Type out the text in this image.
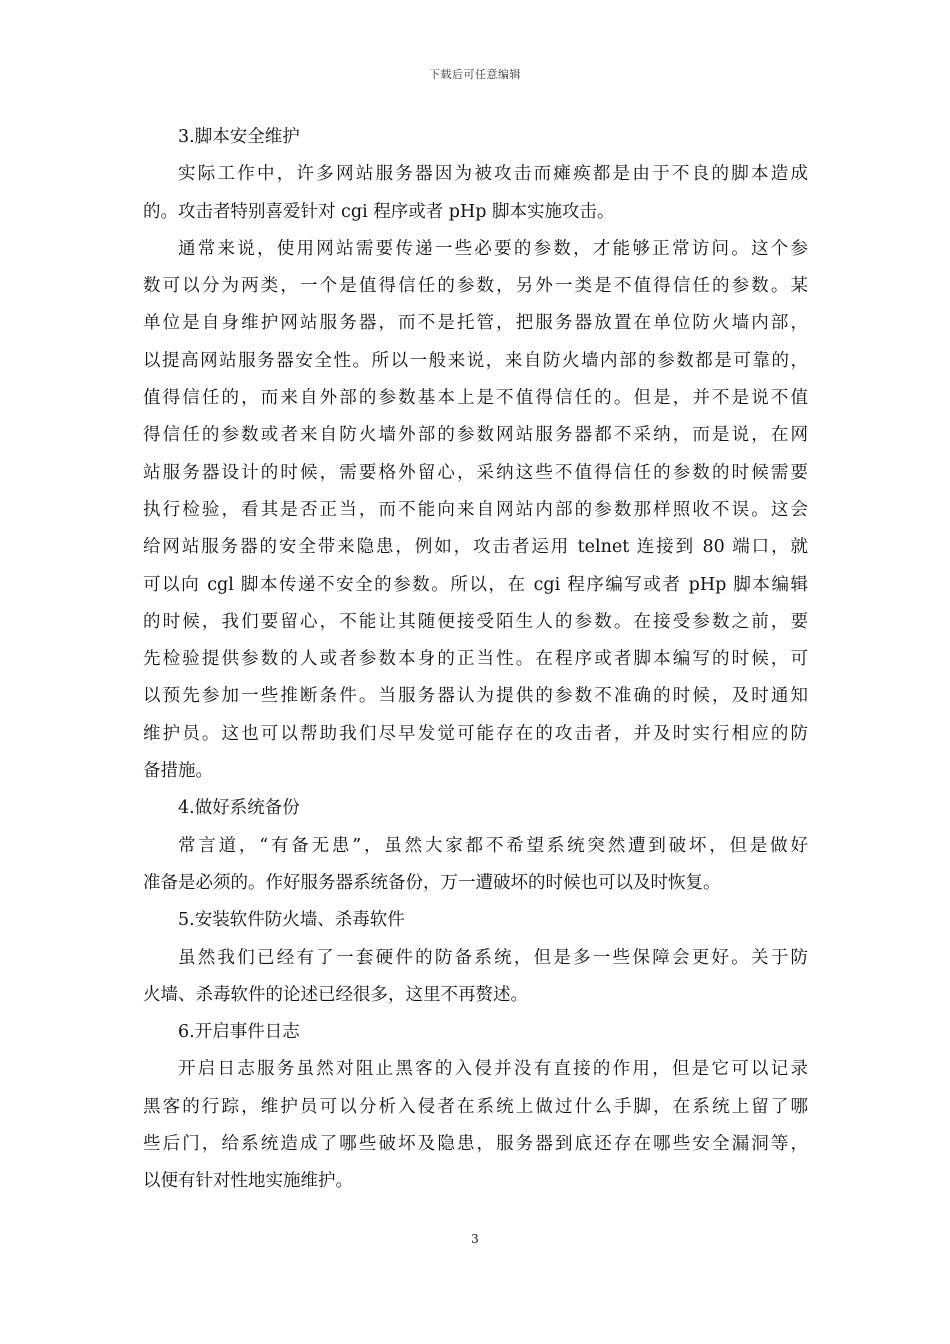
下载后可任意编辑
3.脚本安全维护
实际工作中，许多网站服务器因为被攻击而瘫痪都是由于不良的脚本造成
的。攻击者特别喜爱针对 cgi 程序或者 pHp 脚本实施攻击。
通常来说，使用网站需要传递一些必要的参数，才能够正常访问。这个参
数可以分为两类，一个是值得信任的参数，另外一类是不值得信任的参数。某
单位是自身维护网站服务器，而不是托管，把服务器放置在单位防火墙内部，
以提高网站服务器安全性。所以一般来说，来自防火墙内部的参数都是可靠的，
值得信任的，而来自外部的参数基本上是不值得信任的。但是，并不是说不值
得信任的参数或者来自防火墙外部的参数网站服务器都不采纳，而是说，在网
站服务器设计的时候，需要格外留心，采纳这些不值得信任的参数的时候需要
执行检验，看其是否正当，而不能向来自网站内部的参数那样照收不误。这会
给网站服务器的安全带来隐患，例如，攻击者运用 telnet 连接到 80 端口，就
可以向 cgl 脚本传递不安全的参数。所以，在 cgi 程序编写或者 pHp 脚本编辑
的时候，我们要留心，不能让其随便接受陌生人的参数。在接受参数之前，要
先检验提供参数的人或者参数本身的正当性。在程序或者脚本编写的时候，可
以预先参加一些推断条件。当服务器认为提供的参数不准确的时候，及时通知
维护员。这也可以帮助我们尽早发觉可能存在的攻击者，并及时实行相应的防
备措施。
4.做好系统备份
常言道，“有备无患”，虽然大家都不希望系统突然遭到破坏，但是做好
准备是必须的。作好服务器系统备份，万一遭破坏的时候也可以及时恢复。
5.安装软件防火墙、杀毒软件
虽然我们已经有了一套硬件的防备系统，但是多一些保障会更好。关于防
火墙、杀毒软件的论述已经很多，这里不再赘述。
6.开启事件日志
开启日志服务虽然对阻止黑客的入侵并没有直接的作用，但是它可以记录
黑客的行踪，维护员可以分析入侵者在系统上做过什么手脚，在系统上留了哪
些后门，给系统造成了哪些破坏及隐患，服务器到底还存在哪些安全漏洞等，
以便有针对性地实施维护。
3
